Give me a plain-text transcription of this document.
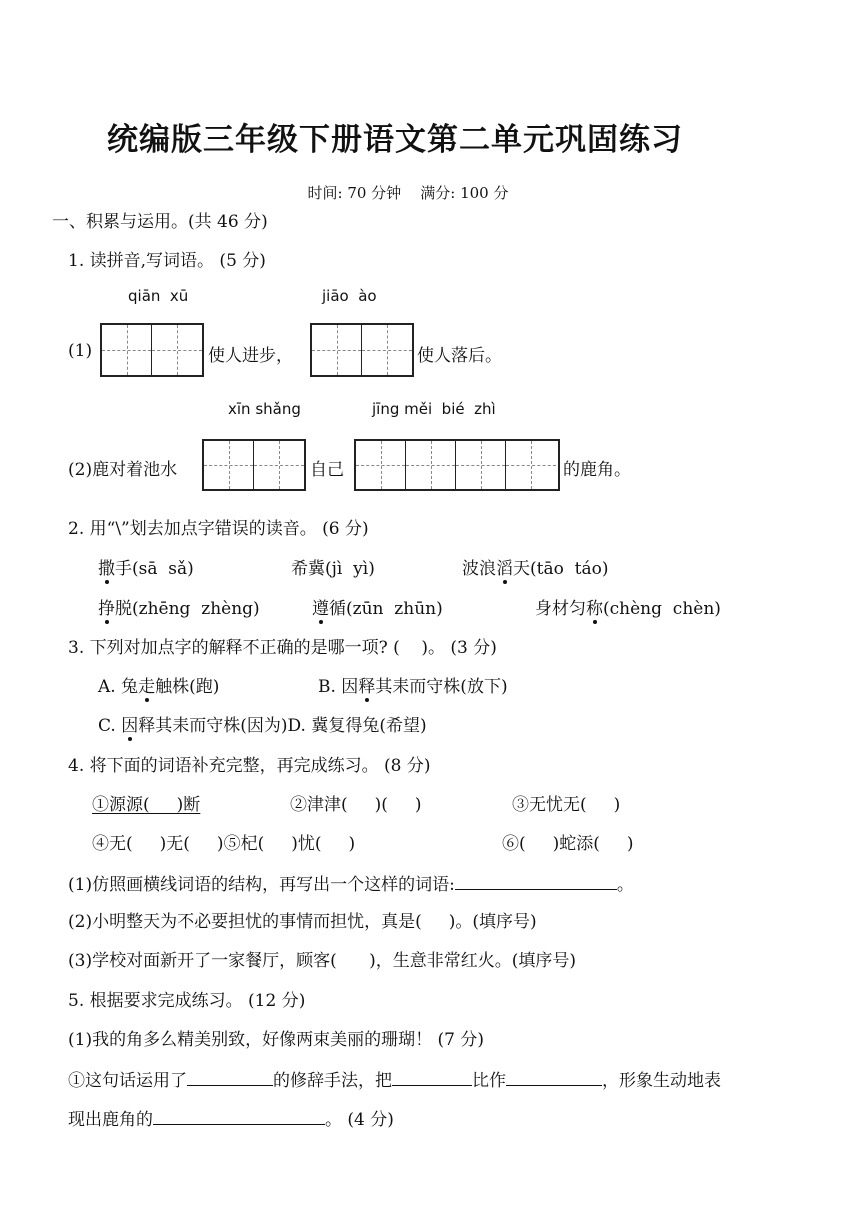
统编版三年级下册语文第二单元巩固练习
时间: 70 分钟    满分: 100 分
一、积累与运用。(共 46 分)
1. 读拼音,写词语。 (5 分)
qiān  xū	jiāo  ào
(1)	使人进步，	使人落后。
xīn shǎng	jīng měi  bié  zhì
(2)鹿对着池水	自己	的鹿角。
2. 用“\”划去加点字错误的读音。 (6 分)
撒手(sā  sǎ)	希冀(jì  yì)	波浪滔天(tāo  táo)
挣脱(zhēng  zhèng)	遵循(zūn  zhūn)	身材匀称(chèng  chèn)
3. 下列对加点字的解释不正确的是哪一项? (    )。 (3 分)
A. 兔走触株(跑)	B. 因释其耒而守株(放下)
C. 因释其耒而守株(因为)D. 冀复得兔(希望)
4. 将下面的词语补充完整，再完成练习。 (8 分)
①源源(     )断	②津津(     )(     )	③无忧无(     )
④无(     )无(     )⑤杞(     )忧(     )	⑥(     )蛇添(     )
(1)仿照画横线词语的结构，再写出一个这样的词语:	。
(2)小明整天为不必要担忧的事情而担忧，真是(     )。(填序号)
(3)学校对面新开了一家餐厅，顾客(      )，生意非常红火。(填序号)
5. 根据要求完成练习。 (12 分)
(1)我的角多么精美别致，好像两束美丽的珊瑚！ (7 分)
①这句话运用了	的修辞手法，把	比作	，形象生动地表
现出鹿角的	。 (4 分)
